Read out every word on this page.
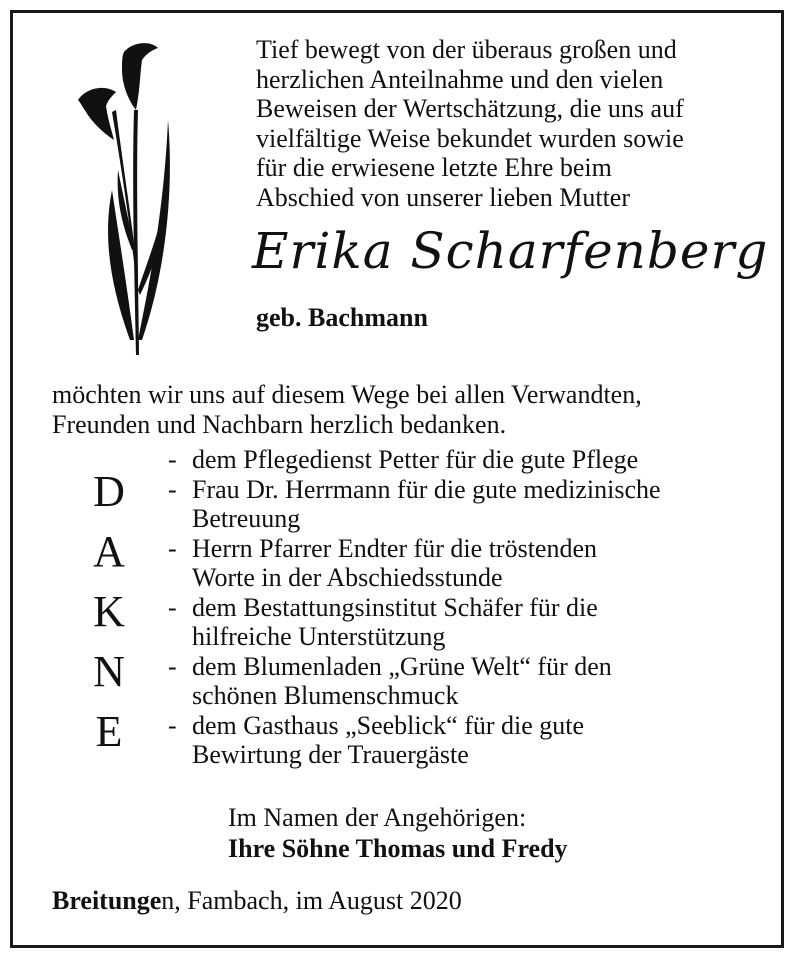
Tief bewegt von der überaus großen und
herzlichen Anteilnahme und den vielen
Beweisen der Wertschätzung, die uns auf
vielfältige Weise bekundet wurden sowie
für die erwiesene letzte Ehre beim
Abschied von unserer lieben Mutter

Erika Scharfenberg
geb. Bachmann

möchten wir uns auf diesem Wege bei allen Verwandten,
Freunden und Nachbarn herzlich bedanken.

D
A
K
N
E
- dem Pflegedienst Petter für die gute Pflege
- Frau Dr. Herrmann für die gute medizinische
Betreuung
- Herrn Pfarrer Endter für die tröstenden
Worte in der Abschiedsstunde
- dem Bestattungsinstitut Schäfer für die
hilfreiche Unterstützung
- dem Blumenladen „Grüne Welt“ für den
schönen Blumenschmuck
- dem Gasthaus „Seeblick“ für die gute
Bewirtung der Trauergäste
Im Namen der Angehörigen:
Ihre Söhne Thomas und Fredy
Breitungen, Fambach, im August 2020
